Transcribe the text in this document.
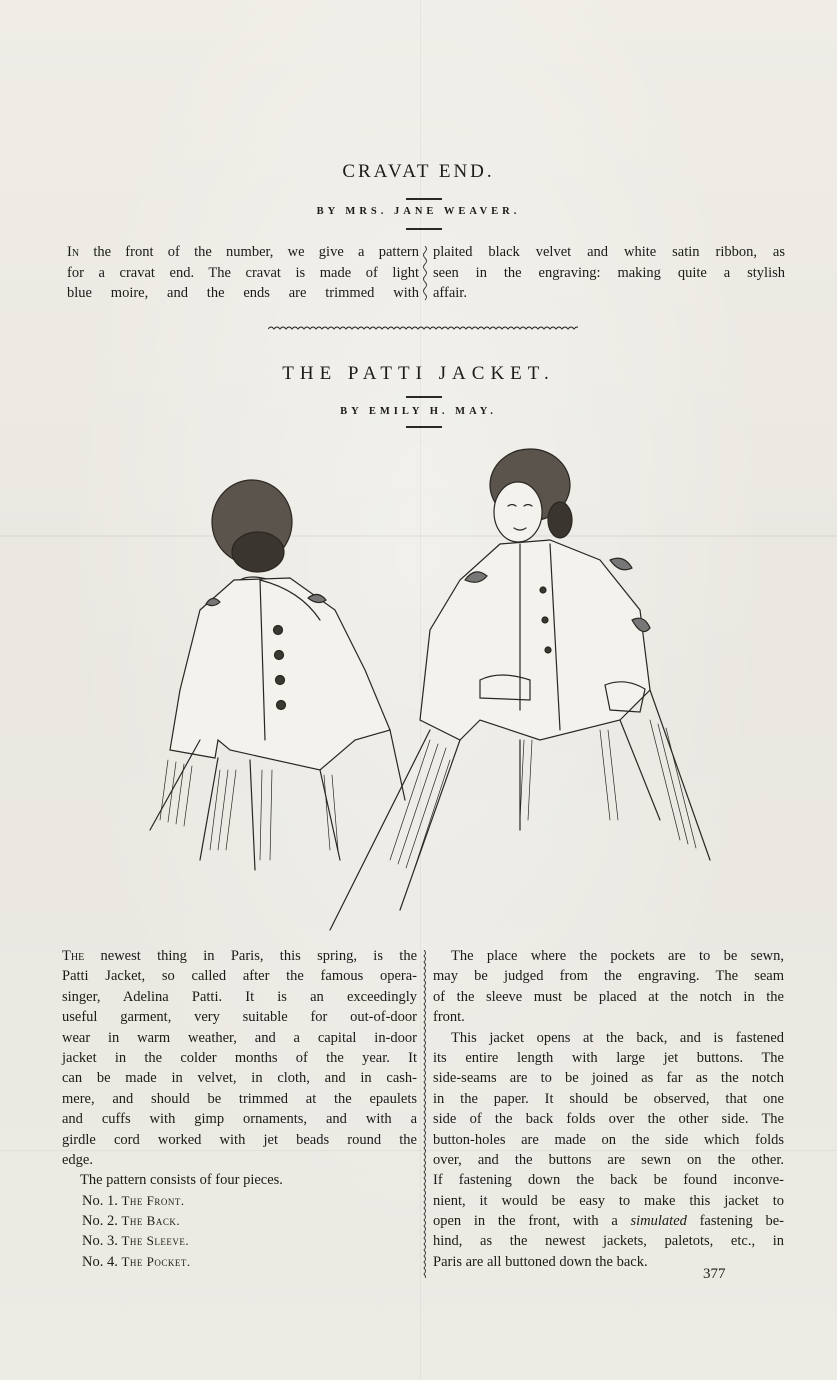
CRAVAT END.
BY MRS. JANE WEAVER.
In the front of the number, we give a pattern
for a cravat end. The cravat is made of light
blue moire, and the ends are trimmed with
plaited black velvet and white satin ribbon, as
seen in the engraving: making quite a stylish
affair.
THE PATTI JACKET.
BY EMILY H. MAY.
The newest thing in Paris, this spring, is the
Patti Jacket, so called after the famous opera-
singer, Adelina Patti. It is an exceedingly
useful garment, very suitable for out-of-door
wear in warm weather, and a capital in-door
jacket in the colder months of the year. It
can be made in velvet, in cloth, and in cash-
mere, and should be trimmed at the epaulets
and cuffs with gimp ornaments, and with a
girdle cord worked with jet beads round the
edge.
The pattern consists of four pieces.
No. 1. The Front.
No. 2. The Back.
No. 3. The Sleeve.
No. 4. The Pocket.
The place where the pockets are to be sewn,
may be judged from the engraving. The seam
of the sleeve must be placed at the notch in the
front.
This jacket opens at the back, and is fastened
its entire length with large jet buttons. The
side-seams are to be joined as far as the notch
in the paper. It should be observed, that one
side of the back folds over the other side. The
button-holes are made on the side which folds
over, and the buttons are sewn on the other.
If fastening down the back be found inconve-
nient, it would be easy to make this jacket to
open in the front, with a simulated fastening be-
hind, as the newest jackets, paletots, etc., in
Paris are all buttoned down the back.
377
